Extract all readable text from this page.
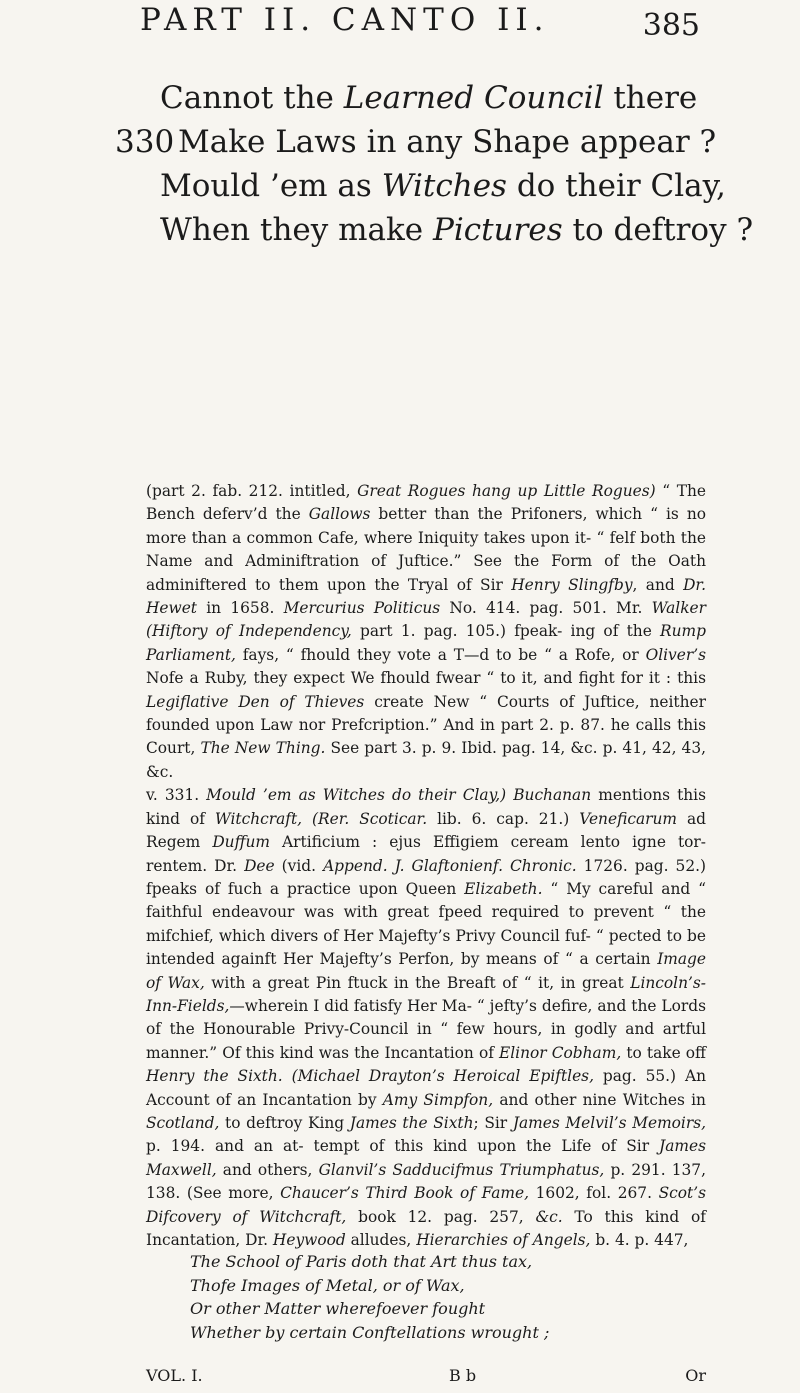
PART II. CANTO II.	385
Cannot the Learned Council there
330 Make Laws in any Shape appear ?
Mould ’em as Witches do their Clay,
When they make Pictures to deftroy ?

(part 2. fab. 212. intitled, Great Rogues hang up Little Rogues) “ The Bench deferv’d the Gallows better than the Prifoners, which “ is no more than a common Cafe, where Iniquity takes upon it- “ felf both the Name and Adminiftration of Juftice.” See the Form of the Oath adminiftered to them upon the Tryal of Sir Henry Slingfby, and Dr. Hewet in 1658. Mercurius Politicus No. 414. pag. 501. Mr. Walker (Hiftory of Independency, part 1. pag. 105.) fpeak- ing of the Rump Parliament, fays, “ fhould they vote a T—d to be “ a Rofe, or Oliver’s Nofe a Ruby, they expect We fhould fwear “ to it, and fight for it : this Legiflative Den of Thieves create New “ Courts of Juftice, neither founded upon Law nor Prefcription.” And in part 2. p. 87. he calls this Court, The New Thing. See part 3. p. 9. Ibid. pag. 14, &c. p. 41, 42, 43, &c.

v. 331. Mould ’em as Witches do their Clay,) Buchanan mentions this kind of Witchcraft, (Rer. Scoticar. lib. 6. cap. 21.) Veneficarum ad Regem Duffum Artificium : ejus Effigiem ceream lento igne tor- rentem. Dr. Dee (vid. Append. J. Glaftonienf. Chronic. 1726. pag. 52.) fpeaks of fuch a practice upon Queen Elizabeth. “ My careful and “ faithful endeavour was with great fpeed required to prevent “ the mifchief, which divers of Her Majefty’s Privy Council fuf- “ pected to be intended againft Her Majefty’s Perfon, by means of “ a certain Image of Wax, with a great Pin ftuck in the Breaft of “ it, in great Lincoln’s-Inn-Fields,—wherein I did fatisfy Her Ma- “ jefty’s defire, and the Lords of the Honourable Privy-Council in “ few hours, in godly and artful manner.” Of this kind was the Incantation of Elinor Cobham, to take off Henry the Sixth. (Michael Drayton’s Heroical Epiftles, pag. 55.) An Account of an Incantation by Amy Simpfon, and other nine Witches in Scotland, to deftroy King James the Sixth; Sir James Melvil’s Memoirs, p. 194. and an at- tempt of this kind upon the Life of Sir James Maxwell, and others, Glanvil’s Sadducifmus Triumphatus, p. 291. 137, 138. (See more, Chaucer’s Third Book of Fame, 1602, fol. 267. Scot’s Difcovery of Witchcraft, book 12. pag. 257, &c. To this kind of Incantation, Dr. Heywood alludes, Hierarchies of Angels, b. 4. p. 447,

The School of Paris doth that Art thus tax,
Thofe Images of Metal, or of Wax,
Or other Matter wherefoever fought
Whether by certain Conftellations wrought ;
VOL. I.	B b	Or
